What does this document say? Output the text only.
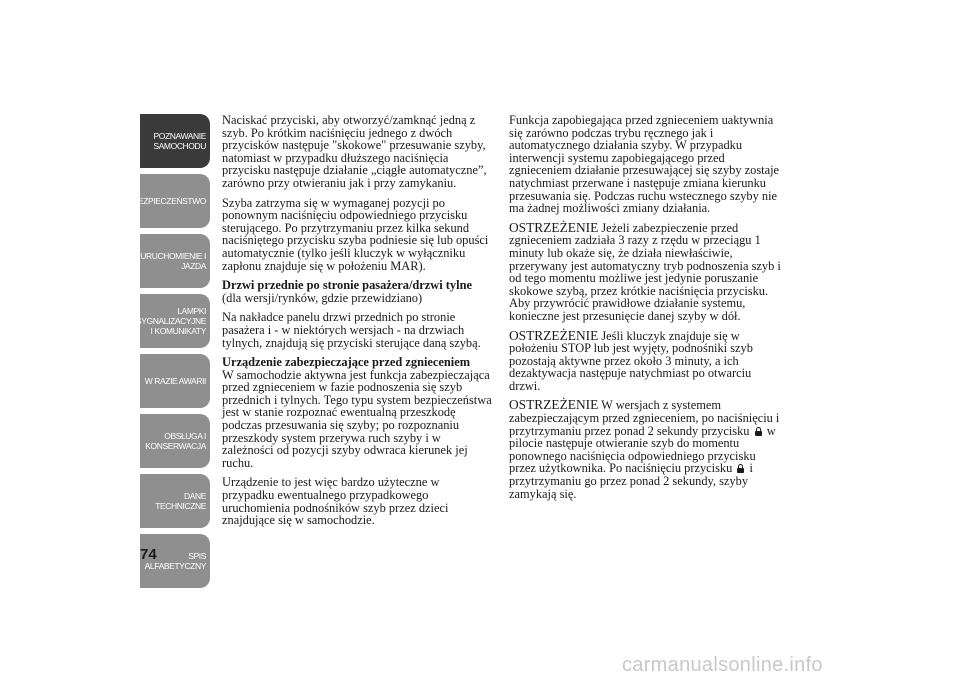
POZNAWANIE
SAMOCHODU
BEZPIECZEŃSTWO
URUCHOMIENIE I
JAZDA
LAMPKI
SYGNALIZACYJNE
I KOMUNIKATY
W RAZIE AWARII
OBSŁUGA I
KONSERWACJA
DANE
TECHNICZNE
SPIS
ALFABETYCZNY
74

Naciskać przyciski, aby otworzyć/zamknąć jedną z szyb. Po krótkim naciśnięciu jednego z dwóch przycisków następuje "skokowe" przesuwanie szyby, natomiast w przypadku dłuższego naciśnięcia przycisku następuje działanie „ciągłe automatyczne”, zarówno przy otwieraniu jak i przy zamykaniu.

Szyba zatrzyma się w wymaganej pozycji po ponownym naciśnięciu odpowiedniego przycisku sterującego. Po przytrzymaniu przez kilka sekund naciśniętego przycisku szyba podniesie się lub opuści automatycznie (tylko jeśli kluczyk w wyłączniku zapłonu znajduje się w położeniu MAR).

Drzwi przednie po stronie pasażera/drzwi tylne

(dla wersji/rynków, gdzie przewidziano)

Na nakładce panelu drzwi przednich po stronie pasażera i - w niektórych wersjach - na drzwiach tylnych, znajdują się przyciski sterujące daną szybą.

Urządzenie zabezpieczające przed zgnieceniem

W samochodzie aktywna jest funkcja zabezpieczająca przed zgnieceniem w fazie podnoszenia się szyb przednich i tylnych. Tego typu system bezpieczeństwa jest w stanie rozpoznać ewentualną przeszkodę podczas przesuwania się szyby; po rozpoznaniu przeszkody system przerywa ruch szyby i w zależności od pozycji szyby odwraca kierunek jej ruchu.

Urządzenie to jest więc bardzo użyteczne w przypadku ewentualnego przypadkowego uruchomienia podnośników szyb przez dzieci znajdujące się w samochodzie.

Funkcja zapobiegająca przed zgnieceniem uaktywnia się zarówno podczas trybu ręcznego jak i automatycznego działania szyby. W przypadku interwencji systemu zapobiegającego przed zgnieceniem działanie przesuwającej się szyby zostaje natychmiast przerwane i następuje zmiana kierunku przesuwania się. Podczas ruchu wstecznego szyby nie ma żadnej możliwości zmiany działania.

OSTRZEŻENIE Jeżeli zabezpieczenie przed zgnieceniem zadziała 3 razy z rzędu w przeciągu 1 minuty lub okaże się, że działa niewłaściwie, przerywany jest automatyczny tryb podnoszenia szyb i od tego momentu możliwe jest jedynie poruszanie skokowe szybą, przez krótkie naciśnięcia przycisku. Aby przywrócić prawidłowe działanie systemu, konieczne jest przesunięcie danej szyby w dół.

OSTRZEŻENIE Jeśli kluczyk znajduje się w położeniu STOP lub jest wyjęty, podnośniki szyb pozostają aktywne przez około 3 minuty, a ich dezaktywacja następuje natychmiast po otwarciu drzwi.

OSTRZEŻENIE W wersjach z systemem zabezpieczającym przed zgnieceniem, po naciśnięciu i przytrzymaniu przez ponad 2 sekundy przycisku  w pilocie następuje otwieranie szyb do momentu ponownego naciśnięcia odpowiedniego przycisku przez użytkownika. Po naciśnięciu przycisku  i przytrzymaniu go przez ponad 2 sekundy, szyby zamykają się.

carmanualsonline.info
